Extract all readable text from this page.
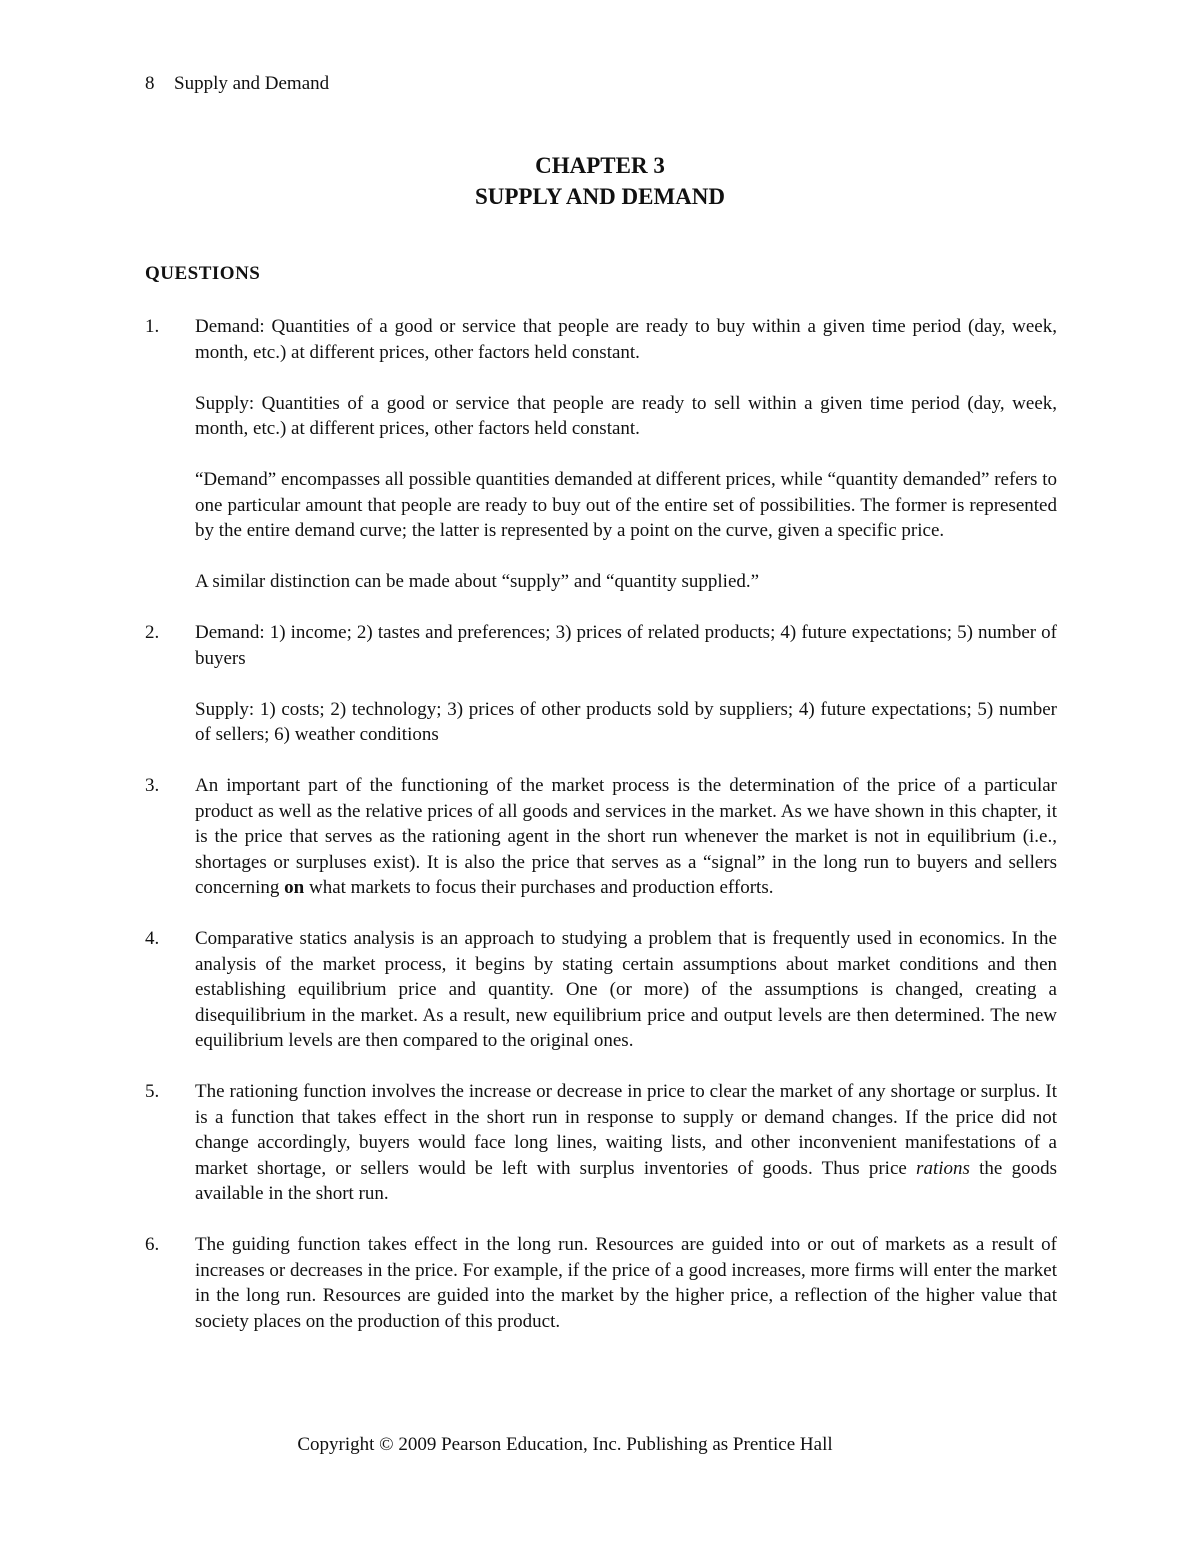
8 Supply and Demand
CHAPTER 3
SUPPLY AND DEMAND
QUESTIONS
1. Demand: Quantities of a good or service that people are ready to buy within a given time period (day, week, month, etc.) at different prices, other factors held constant.

Supply: Quantities of a good or service that people are ready to sell within a given time period (day, week, month, etc.) at different prices, other factors held constant.

“Demand” encompasses all possible quantities demanded at different prices, while “quantity demanded” refers to one particular amount that people are ready to buy out of the entire set of possibilities. The former is represented by the entire demand curve; the latter is represented by a point on the curve, given a specific price.

A similar distinction can be made about “supply” and “quantity supplied.”

2. Demand: 1) income; 2) tastes and preferences; 3) prices of related products; 4) future expectations; 5) number of buyers

Supply: 1) costs; 2) technology; 3) prices of other products sold by suppliers; 4) future expectations; 5) number of sellers; 6) weather conditions

3. An important part of the functioning of the market process is the determination of the price of a particular product as well as the relative prices of all goods and services in the market. As we have shown in this chapter, it is the price that serves as the rationing agent in the short run whenever the market is not in equilibrium (i.e., shortages or surpluses exist). It is also the price that serves as a “signal” in the long run to buyers and sellers concerning on what markets to focus their purchases and production efforts.

4. Comparative statics analysis is an approach to studying a problem that is frequently used in economics. In the analysis of the market process, it begins by stating certain assumptions about market conditions and then establishing equilibrium price and quantity. One (or more) of the assumptions is changed, creating a disequilibrium in the market. As a result, new equilibrium price and output levels are then determined. The new equilibrium levels are then compared to the original ones.

5. The rationing function involves the increase or decrease in price to clear the market of any shortage or surplus. It is a function that takes effect in the short run in response to supply or demand changes. If the price did not change accordingly, buyers would face long lines, waiting lists, and other inconvenient manifestations of a market shortage, or sellers would be left with surplus inventories of goods. Thus price rations the goods available in the short run.

6. The guiding function takes effect in the long run. Resources are guided into or out of markets as a result of increases or decreases in the price. For example, if the price of a good increases, more firms will enter the market in the long run. Resources are guided into the market by the higher price, a reflection of the higher value that society places on the production of this product.

Copyright © 2009 Pearson Education, Inc. Publishing as Prentice Hall
